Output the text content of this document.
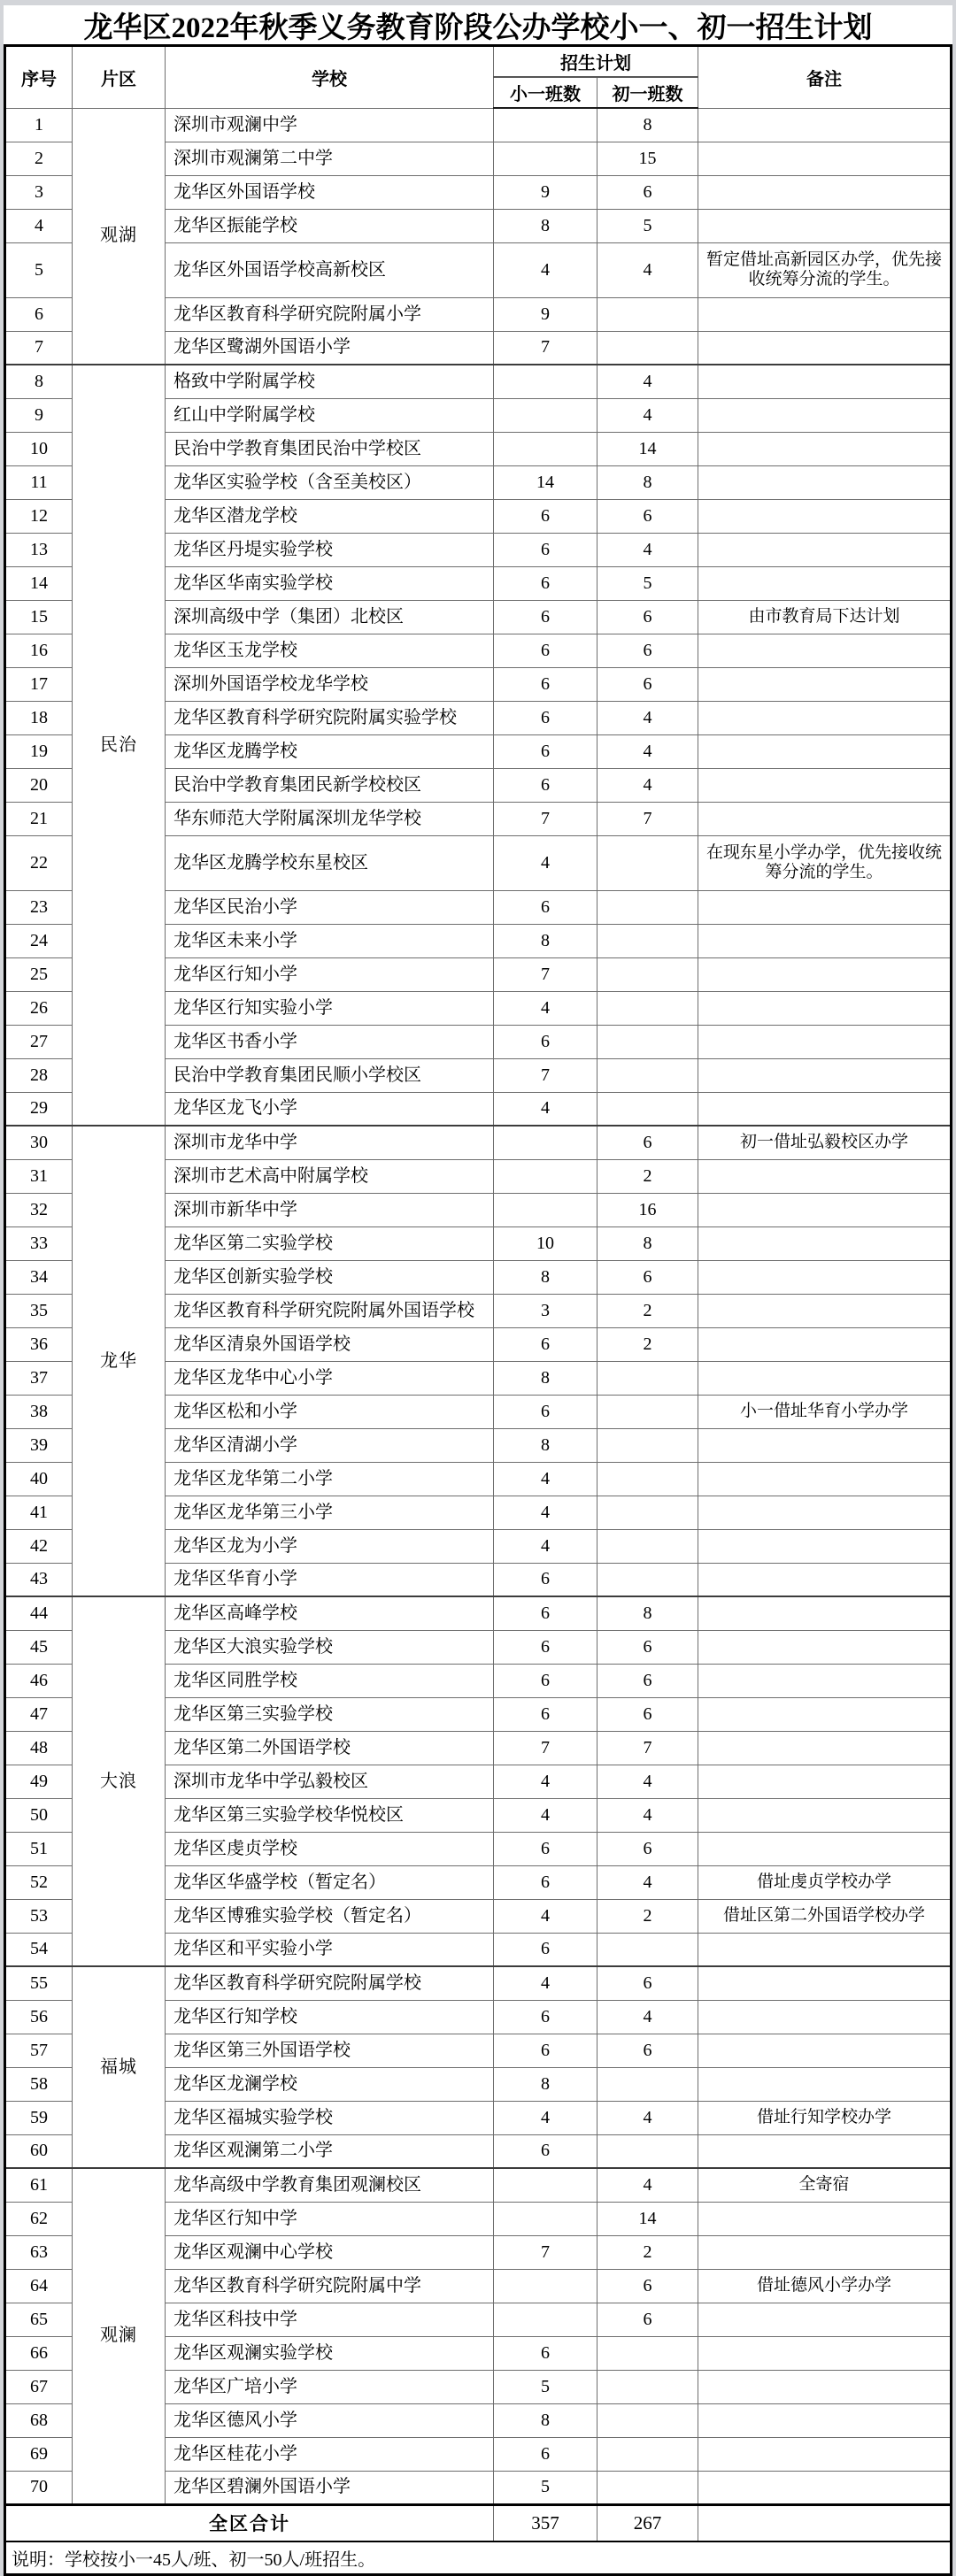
龙华区2022年秋季义务教育阶段公办学校小一、初一招生计划
序号	片区	学校	招生计划		备注
			小一班数	初一班数	
1	观湖	深圳市观澜中学		8	
2		深圳市观澜第二中学		15	
3		龙华区外国语学校	9	6	
4		龙华区振能学校	8	5	
5		龙华区外国语学校高新校区	4	4	暂定借址高新园区办学，优先接收统筹分流的学生。
6		龙华区教育科学研究院附属小学	9		
7		龙华区鹭湖外国语小学	7		
8	民治	格致中学附属学校		4	
9		红山中学附属学校		4	
10		民治中学教育集团民治中学校区		14	
11		龙华区实验学校（含至美校区）	14	8	
12		龙华区潜龙学校	6	6	
13		龙华区丹堤实验学校	6	4	
14		龙华区华南实验学校	6	5	
15		深圳高级中学（集团）北校区	6	6	由市教育局下达计划
16		龙华区玉龙学校	6	6	
17		深圳外国语学校龙华学校	6	6	
18		龙华区教育科学研究院附属实验学校	6	4	
19		龙华区龙腾学校	6	4	
20		民治中学教育集团民新学校校区	6	4	
21		华东师范大学附属深圳龙华学校	7	7	
22		龙华区龙腾学校东星校区	4		在现东星小学办学，优先接收统筹分流的学生。
23		龙华区民治小学	6		
24		龙华区未来小学	8		
25		龙华区行知小学	7		
26		龙华区行知实验小学	4		
27		龙华区书香小学	6		
28		民治中学教育集团民顺小学校区	7		
29		龙华区龙飞小学	4		
30	龙华	深圳市龙华中学		6	初一借址弘毅校区办学
31		深圳市艺术高中附属学校		2	
32		深圳市新华中学		16	
33		龙华区第二实验学校	10	8	
34		龙华区创新实验学校	8	6	
35		龙华区教育科学研究院附属外国语学校	3	2	
36		龙华区清泉外国语学校	6	2	
37		龙华区龙华中心小学	8		
38		龙华区松和小学	6		小一借址华育小学办学
39		龙华区清湖小学	8		
40		龙华区龙华第二小学	4		
41		龙华区龙华第三小学	4		
42		龙华区龙为小学	4		
43		龙华区华育小学	6		
44	大浪	龙华区高峰学校	6	8	
45		龙华区大浪实验学校	6	6	
46		龙华区同胜学校	6	6	
47		龙华区第三实验学校	6	6	
48		龙华区第二外国语学校	7	7	
49		深圳市龙华中学弘毅校区	4	4	
50		龙华区第三实验学校华悦校区	4	4	
51		龙华区虔贞学校	6	6	
52		龙华区华盛学校（暂定名）	6	4	借址虔贞学校办学
53		龙华区博雅实验学校（暂定名）	4	2	借址区第二外国语学校办学
54		龙华区和平实验小学	6		
55	福城	龙华区教育科学研究院附属学校	4	6	
56		龙华区行知学校	6	4	
57		龙华区第三外国语学校	6	6	
58		龙华区龙澜学校	8		
59		龙华区福城实验学校	4	4	借址行知学校办学
60		龙华区观澜第二小学	6		
61	观澜	龙华高级中学教育集团观澜校区		4	全寄宿
62		龙华区行知中学		14	
63		龙华区观澜中心学校	7	2	
64		龙华区教育科学研究院附属中学		6	借址德风小学办学
65		龙华区科技中学		6	
66		龙华区观澜实验学校	6		
67		龙华区广培小学	5		
68		龙华区德风小学	8		
69		龙华区桂花小学	6		
70		龙华区碧澜外国语小学	5		
全区合计			357	267	
说明：学校按小一45人/班、初一50人/班招生。					
